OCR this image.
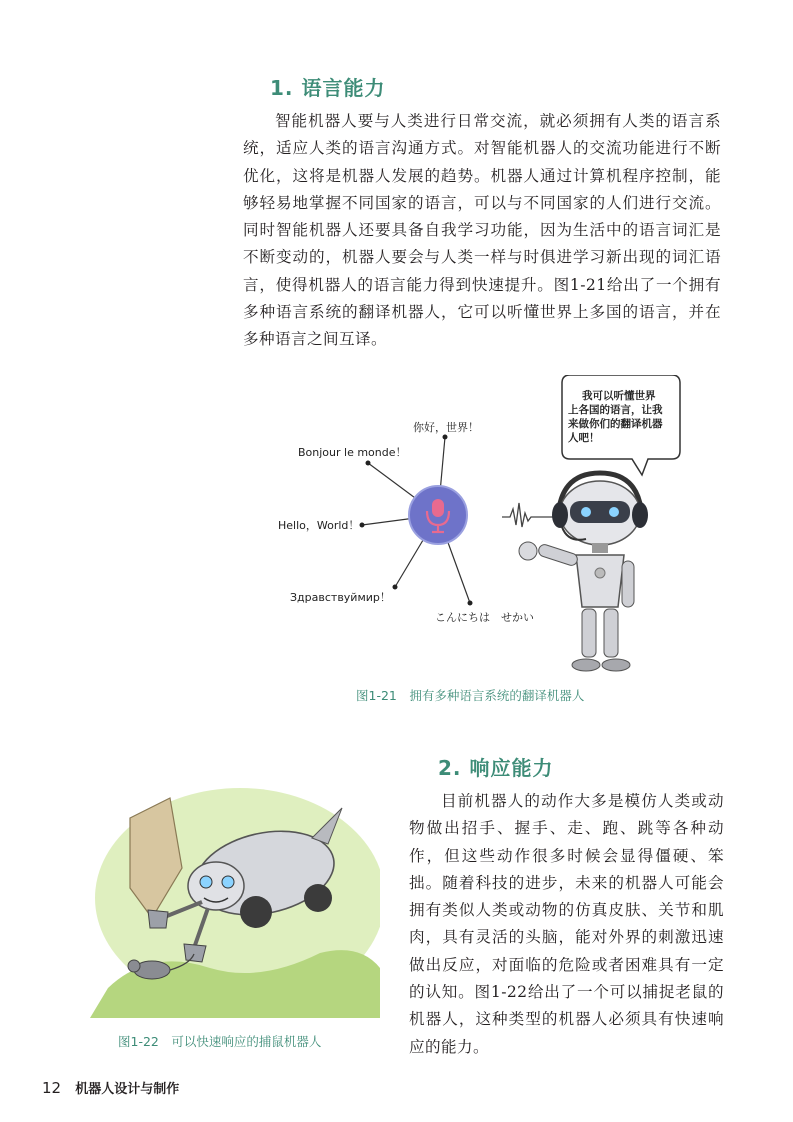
1. 语言能力

智能机器人要与人类进行日常交流，就必须拥有人类的语言系统，适应人类的语言沟通方式。对智能机器人的交流功能进行不断优化，这将是机器人发展的趋势。机器人通过计算机程序控制，能够轻易地掌握不同国家的语言，可以与不同国家的人们进行交流。同时智能机器人还要具备自我学习功能，因为生活中的语言词汇是不断变动的，机器人要会与人类一样与时俱进学习新出现的词汇语言，使得机器人的语言能力得到快速提升。图1-21给出了一个拥有多种语言系统的翻译机器人，它可以听懂世界上多国的语言，并在多种语言之间互译。

你好，世界！
Bonjour le monde！
Hello，World！
Здравствуймир！
こんにちは　せかい
我可以听懂世界
上各国的语言，让我
来做你们的翻译机器
人吧！

图1-21　拥有多种语言系统的翻译机器人

图1-22　可以快速响应的捕鼠机器人

2. 响应能力

目前机器人的动作大多是模仿人类或动物做出招手、握手、走、跑、跳等各种动作，但这些动作很多时候会显得僵硬、笨拙。随着科技的进步，未来的机器人可能会拥有类似人类或动物的仿真皮肤、关节和肌肉，具有灵活的头脑，能对外界的刺激迅速做出反应，对面临的危险或者困难具有一定的认知。图1-22给出了一个可以捕捉老鼠的机器人，这种类型的机器人必须具有快速响应的能力。

12 机器人设计与制作
